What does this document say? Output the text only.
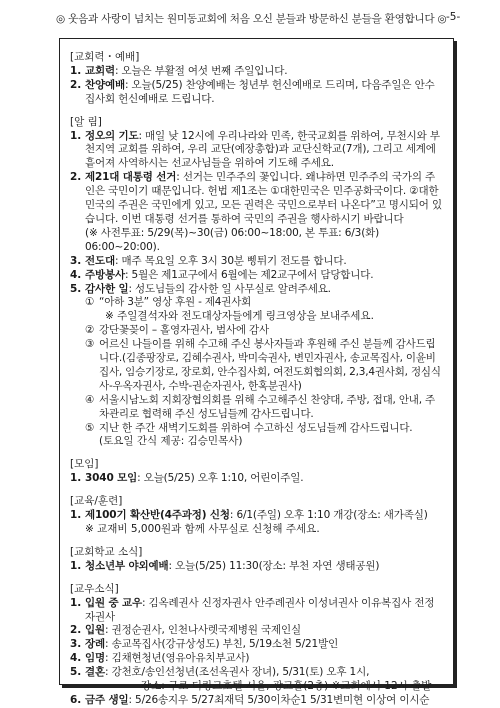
◎ 웃음과 사랑이 넘치는 원미동교회에 처음 오신 분들과 방문하신 분들을 환영합니다 ◎ -5-
[교회력・예배]
1. 교회력: 오늘은 부활절 여섯 번째 주일입니다.
2. 찬양예배: 오늘(5/25) 찬양예배는 청년부 헌신예배로 드리며, 다음주일은 안수집사회 헌신예배로 드립니다.
[알 림]
1. 정오의 기도: 매일 낮 12시에 우리나라와 민족, 한국교회를 위하여, 무천시와 부천지역 교회를 위하여, 우리 교단(예장총합)과 교단신학교(7개), 그리고 세계에 흩어져 사역하시는 선교사님들을 위하여 기도해 주세요.
2. 제21대 대통령 선거: 선거는 민주주의 꽃입니다. 왜냐하면 민주주의 국가의 주인은 국민이기 때문입니다. 헌법 제1조는 ①대한민국은 민주공화국이다. ②대한민국의 주권은 국민에게 있고, 모든 권력은 국민으로부터 나온다”고 명시되어 있습니다. 이번 대통령 선거를 통하여 국민의 주권을 행사하시기 바랍니다
(※ 사전투표: 5/29(목)~30(금) 06:00~18:00, 본 투표: 6/3(화) 06:00~20:00).
3. 전도대: 매주 목요일 오후 3시 30분 삥튀기 전도를 합니다.
4. 주방봉사: 5월은 제1교구에서 6월에는 제2교구에서 담당합니다.
5. 감사한 일: 성도님들의 감사한 일 사무실로 알려주세요.
① “아하 3분” 영상 후원 - 제4권사회
※ 주일결석자와 전도대상자들에게 링크영상을 보내주세요.
② 강단꽃꽂이 – 홀영자권사, 범사에 감사
③ 어르신 나들이를 위해 수고해 주신 봉사자들과 후원해 주신 분들께 감사드립니다.(김종팡장로, 김혜수권사, 박미숙권사, 변민자권사, 송교목집사, 이윤비집사, 임승기장로, 장로회, 안수집사회, 여전도회협의회, 2,3,4권사회, 정심식사-우옥자권사, 수박-권순자권사, 한혹분권사)
④ 서울시남노회 지회장협의회를 위해 수고해주신 찬양대, 주방, 접대, 안내, 주차관리로 협력해 주신 성도님들께 감사드립니다.
⑤ 지난 한 주간 새벽기도회를 위하여 수고하신 성도님들께 감사드립니다.
(토요일 간식 제공: 김승민목사)
[모임]
1. 3040 모임: 오늘(5/25) 오후 1:10, 어린이주일.
[교육/훈련]
1. 제100기 확산반(4주과정) 신청: 6/1(주일) 오후 1:10 개강(장소: 새가족실)
※ 교재비 5,000원과 함께 사무실로 신청해 주세요.
[교회학교 소식]
1. 청소년부 야외예배: 오늘(5/25) 11:30(장소: 부천 자연 생태공원)
[교우소식]
1. 입원 중 교우: 김옥례권사 신정자권사 안주례권사 이성녀권사 이유복집사 전정자권사
2. 입원: 권정순권사, 인천나사렛국제병원 국제인실
3. 장례: 송교목집사(강규상성도) 부친, 5/19소천 5/21발인
4. 임명: 김채현청년(영유아유치부교사)
5. 결혼: 강천호/송인선청년(조선옥권사 장녀), 5/31(토) 오후 1시,
장소: 구로 더링크호텔 서울, 광고홀(2층) ※교회에서 12시 출발
6. 금주 생일: 5/26송지우 5/27최재덕 5/30이차순1 5/31변미현 이상여 이시순
